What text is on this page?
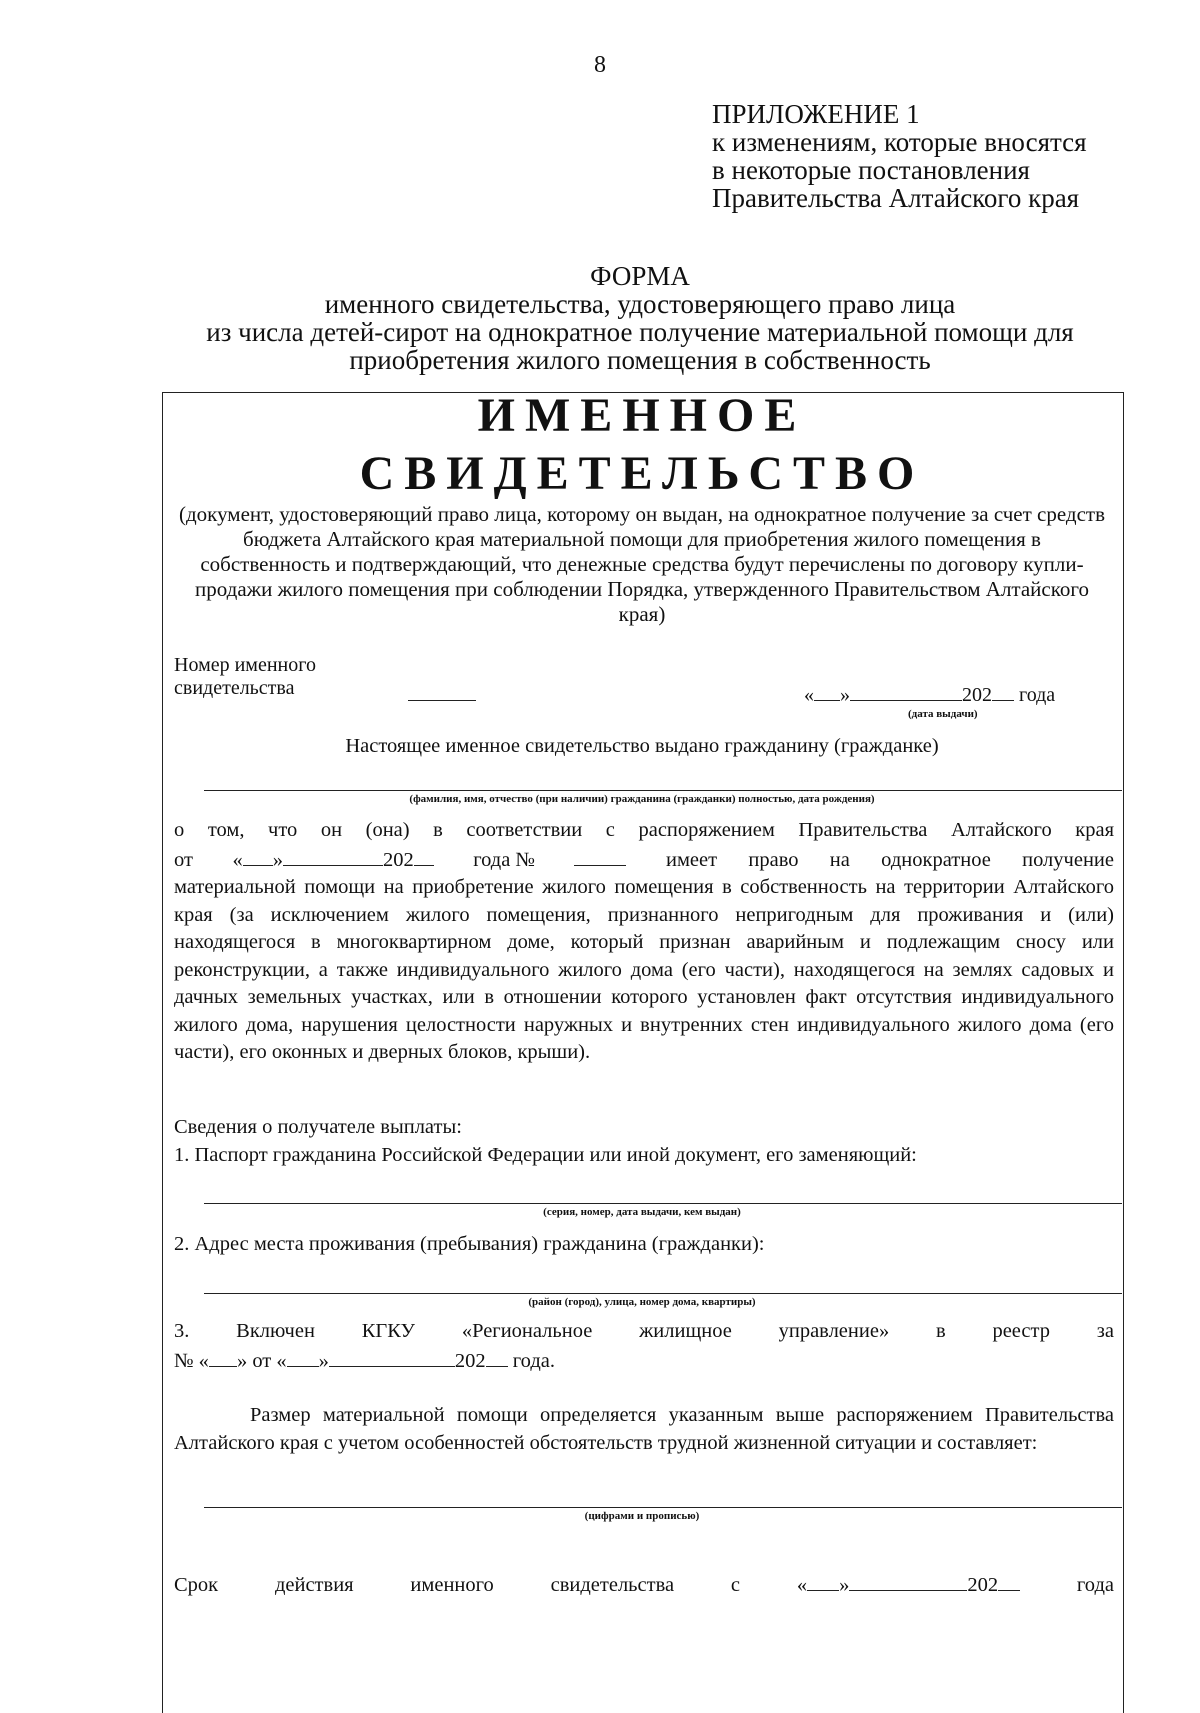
8
ПРИЛОЖЕНИЕ 1
к изменениям, которые вносятся
в некоторые постановления
Правительства Алтайского края
ФОРМА
именного свидетельства, удостоверяющего право лица
из числа детей-сирот на однократное получение материальной помощи для
приобретения жилого помещения в собственность
ИМЕННОЕ
СВИДЕТЕЛЬСТВО
(документ, удостоверяющий право лица, которому он выдан, на однократное получение за счет средств бюджета Алтайского края материальной помощи для приобретения жилого помещения в собственность и подтверждающий, что денежные средства будут перечислены по договору купли-продажи жилого помещения при соблюдении Порядка, утвержденного Правительством Алтайского края)
Номер именного
свидетельства	« »	202 года
(дата выдачи)
Настоящее именное свидетельство выдано гражданину (гражданке)
(фамилия, имя, отчество (при наличии) гражданина (гражданки) полностью, дата рождения)
о том, что он (она) в соответствии с распоряжением Правительства Алтайского края
от « »	202	года №	имеет право на однократное получение
материальной помощи на приобретение жилого помещения в собственность на территории Алтайского края (за исключением жилого помещения, признанного непригодным для проживания и (или) находящегося в многоквартирном доме, который признан аварийным и подлежащим сносу или реконструкции, а также индивидуального жилого дома (его части), находящегося на землях садовых и дачных земельных участках, или в отношении которого установлен факт отсутствия индивидуального жилого дома, нарушения целостности наружных и внутренних стен индивидуального жилого дома (его части), его оконных и дверных блоков, крыши).
Сведения о получателе выплаты:
1. Паспорт гражданина Российской Федерации или иной документ, его заменяющий:
(серия, номер, дата выдачи, кем выдан)
2. Адрес места проживания (пребывания) гражданина (гражданки):
(район (город), улица, номер дома, квартиры)
3. Включен КГКУ «Региональное жилищное управление» в реестр за
№ « » от « »	202 года.
Размер материальной помощи определяется указанным выше распоряжением Правительства Алтайского края с учетом особенностей обстоятельств трудной жизненной ситуации и составляет:
(цифрами и прописью)
Срок	действия	именного	свидетельства	с	« »	202	года
